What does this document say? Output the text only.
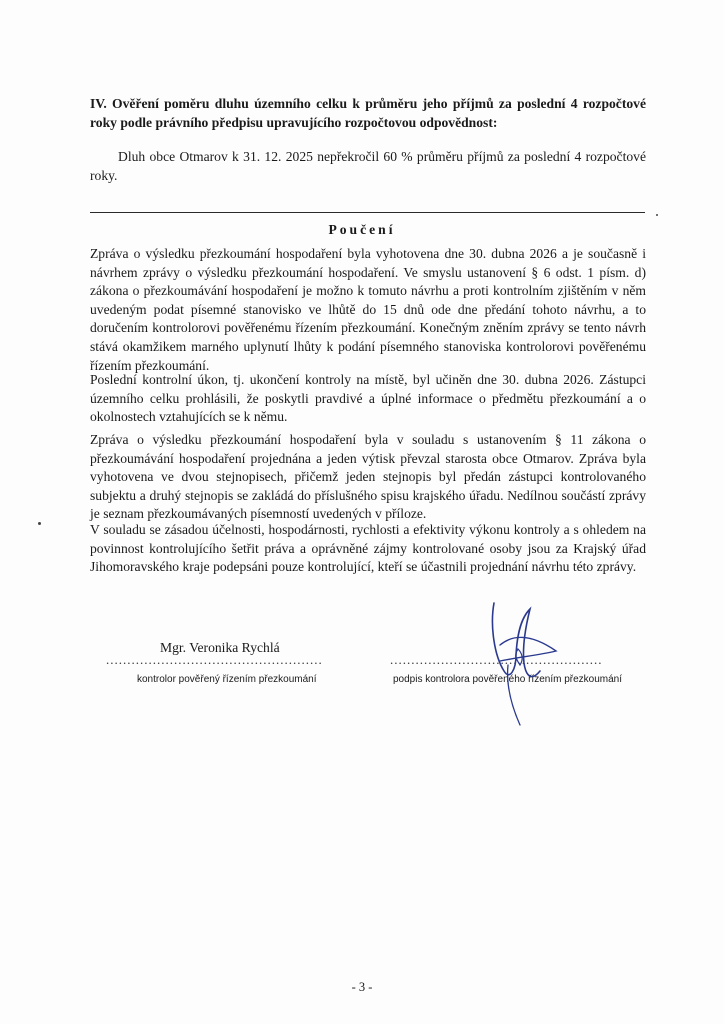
IV. Ověření poměru dluhu územního celku k průměru jeho příjmů za poslední 4 rozpočtové roky podle právního předpisu upravujícího rozpočtovou odpovědnost:
Dluh obce Otmarov k 31. 12. 2025 nepřekročil 60 % průměru příjmů za poslední 4 rozpočtové roky.
Poučení
Zpráva o výsledku přezkoumání hospodaření byla vyhotovena dne 30. dubna 2026 a je současně i návrhem zprávy o výsledku přezkoumání hospodaření. Ve smyslu ustanovení § 6 odst. 1 písm. d) zákona o přezkoumávání hospodaření je možno k tomuto návrhu a proti kontrolním zjištěním v něm uvedeným podat písemné stanovisko ve lhůtě do 15 dnů ode dne předání tohoto návrhu, a to doručením kontrolorovi pověřenému řízením přezkoumání. Konečným zněním zprávy se tento návrh stává okamžikem marného uplynutí lhůty k podání písemného stanoviska kontrolorovi pověřenému řízením přezkoumání.
Poslední kontrolní úkon, tj. ukončení kontroly na místě, byl učiněn dne 30. dubna 2026. Zástupci územního celku prohlásili, že poskytli pravdivé a úplné informace o předmětu přezkoumání a o okolnostech vztahujících se k němu.
Zpráva o výsledku přezkoumání hospodaření byla v souladu s ustanovením § 11 zákona o přezkoumávání hospodaření projednána a jeden výtisk převzal starosta obce Otmarov. Zpráva byla vyhotovena ve dvou stejnopisech, přičemž jeden stejnopis byl předán zástupci kontrolovaného subjektu a druhý stejnopis se zakládá do příslušného spisu krajského úřadu. Nedílnou součástí zprávy je seznam přezkoumávaných písemností uvedených v příloze.
V souladu se zásadou účelnosti, hospodárnosti, rychlosti a efektivity výkonu kontroly a s ohledem na povinnost kontrolujícího šetřit práva a oprávněné zájmy kontrolované osoby jsou za Krajský úřad Jihomoravského kraje podepsáni pouze kontrolující, kteří se účastnili projednání návrhu této zprávy.
Mgr. Veronika Rychlá
...................................................	..................................................
kontrolor pověřený řízením přezkoumání	podpis kontrolora pověřeného řízením přezkoumání
- 3 -
